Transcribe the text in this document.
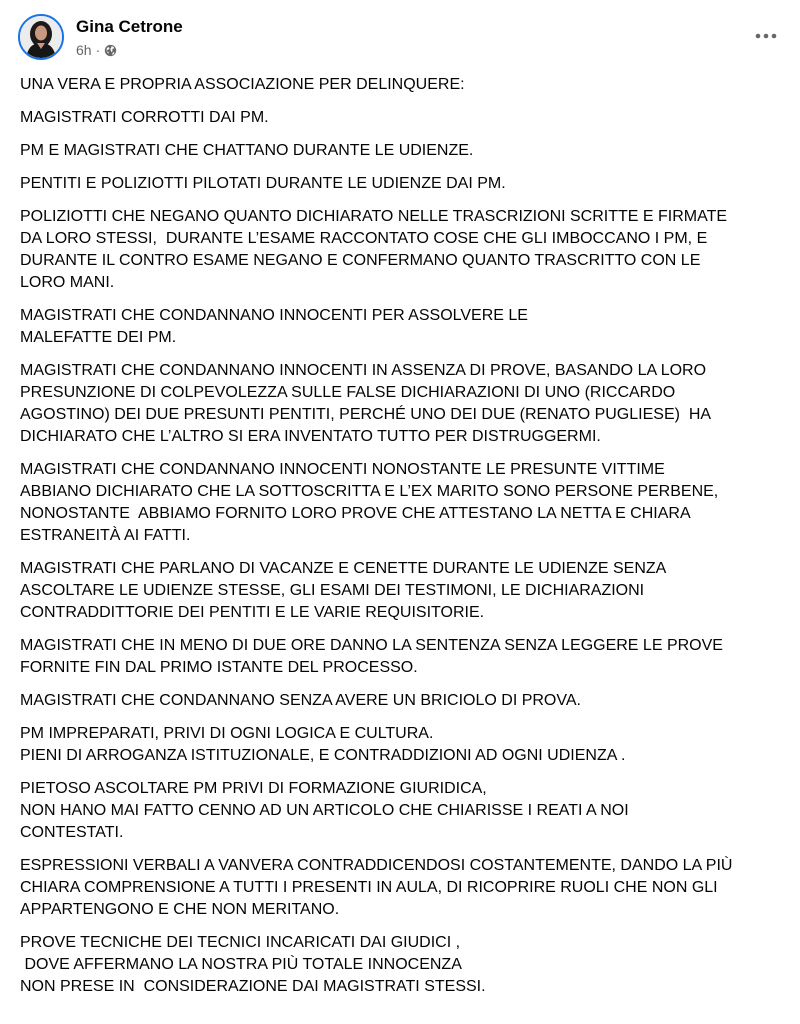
Gina Cetrone
6h ·

UNA VERA E PROPRIA ASSOCIAZIONE PER DELINQUERE:

MAGISTRATI CORROTTI DAI PM.

PM E MAGISTRATI CHE CHATTANO DURANTE LE UDIENZE.

PENTITI E POLIZIOTTI PILOTATI DURANTE LE UDIENZE DAI PM.

POLIZIOTTI CHE NEGANO QUANTO DICHIARATO NELLE TRASCRIZIONI SCRITTE E FIRMATE
DA LORO STESSI,  DURANTE L’ESAME RACCONTATO COSE CHE GLI IMBOCCANO I PM, E
DURANTE IL CONTRO ESAME NEGANO E CONFERMANO QUANTO TRASCRITTO CON LE
LORO MANI.

MAGISTRATI CHE CONDANNANO INNOCENTI PER ASSOLVERE LE
MALEFATTE DEI PM.

MAGISTRATI CHE CONDANNANO INNOCENTI IN ASSENZA DI PROVE, BASANDO LA LORO
PRESUNZIONE DI COLPEVOLEZZA SULLE FALSE DICHIARAZIONI DI UNO (RICCARDO
AGOSTINO) DEI DUE PRESUNTI PENTITI, PERCHÉ UNO DEI DUE (RENATO PUGLIESE)  HA
DICHIARATO CHE L’ALTRO SI ERA INVENTATO TUTTO PER DISTRUGGERMI.

MAGISTRATI CHE CONDANNANO INNOCENTI NONOSTANTE LE PRESUNTE VITTIME
ABBIANO DICHIARATO CHE LA SOTTOSCRITTA E L’EX MARITO SONO PERSONE PERBENE,
NONOSTANTE  ABBIAMO FORNITO LORO PROVE CHE ATTESTANO LA NETTA E CHIARA
ESTRANEITÀ AI FATTI.

MAGISTRATI CHE PARLANO DI VACANZE E CENETTE DURANTE LE UDIENZE SENZA
ASCOLTARE LE UDIENZE STESSE, GLI ESAMI DEI TESTIMONI, LE DICHIARAZIONI
CONTRADDITTORIE DEI PENTITI E LE VARIE REQUISITORIE.

MAGISTRATI CHE IN MENO DI DUE ORE DANNO LA SENTENZA SENZA LEGGERE LE PROVE
FORNITE FIN DAL PRIMO ISTANTE DEL PROCESSO.

MAGISTRATI CHE CONDANNANO SENZA AVERE UN BRICIOLO DI PROVA.

PM IMPREPARATI, PRIVI DI OGNI LOGICA E CULTURA.
PIENI DI ARROGANZA ISTITUZIONALE, E CONTRADDIZIONI AD OGNI UDIENZA .

PIETOSO ASCOLTARE PM PRIVI DI FORMAZIONE GIURIDICA,
NON HANO MAI FATTO CENNO AD UN ARTICOLO CHE CHIARISSE I REATI A NOI
CONTESTATI.

ESPRESSIONI VERBALI A VANVERA CONTRADDICENDOSI COSTANTEMENTE, DANDO LA PIÙ
CHIARA COMPRENSIONE A TUTTI I PRESENTI IN AULA, DI RICOPRIRE RUOLI CHE NON GLI
APPARTENGONO E CHE NON MERITANO.

PROVE TECNICHE DEI TECNICI INCARICATI DAI GIUDICI ,
DOVE AFFERMANO LA NOSTRA PIÙ TOTALE INNOCENZA
NON PRESE IN  CONSIDERAZIONE DAI MAGISTRATI STESSI.
